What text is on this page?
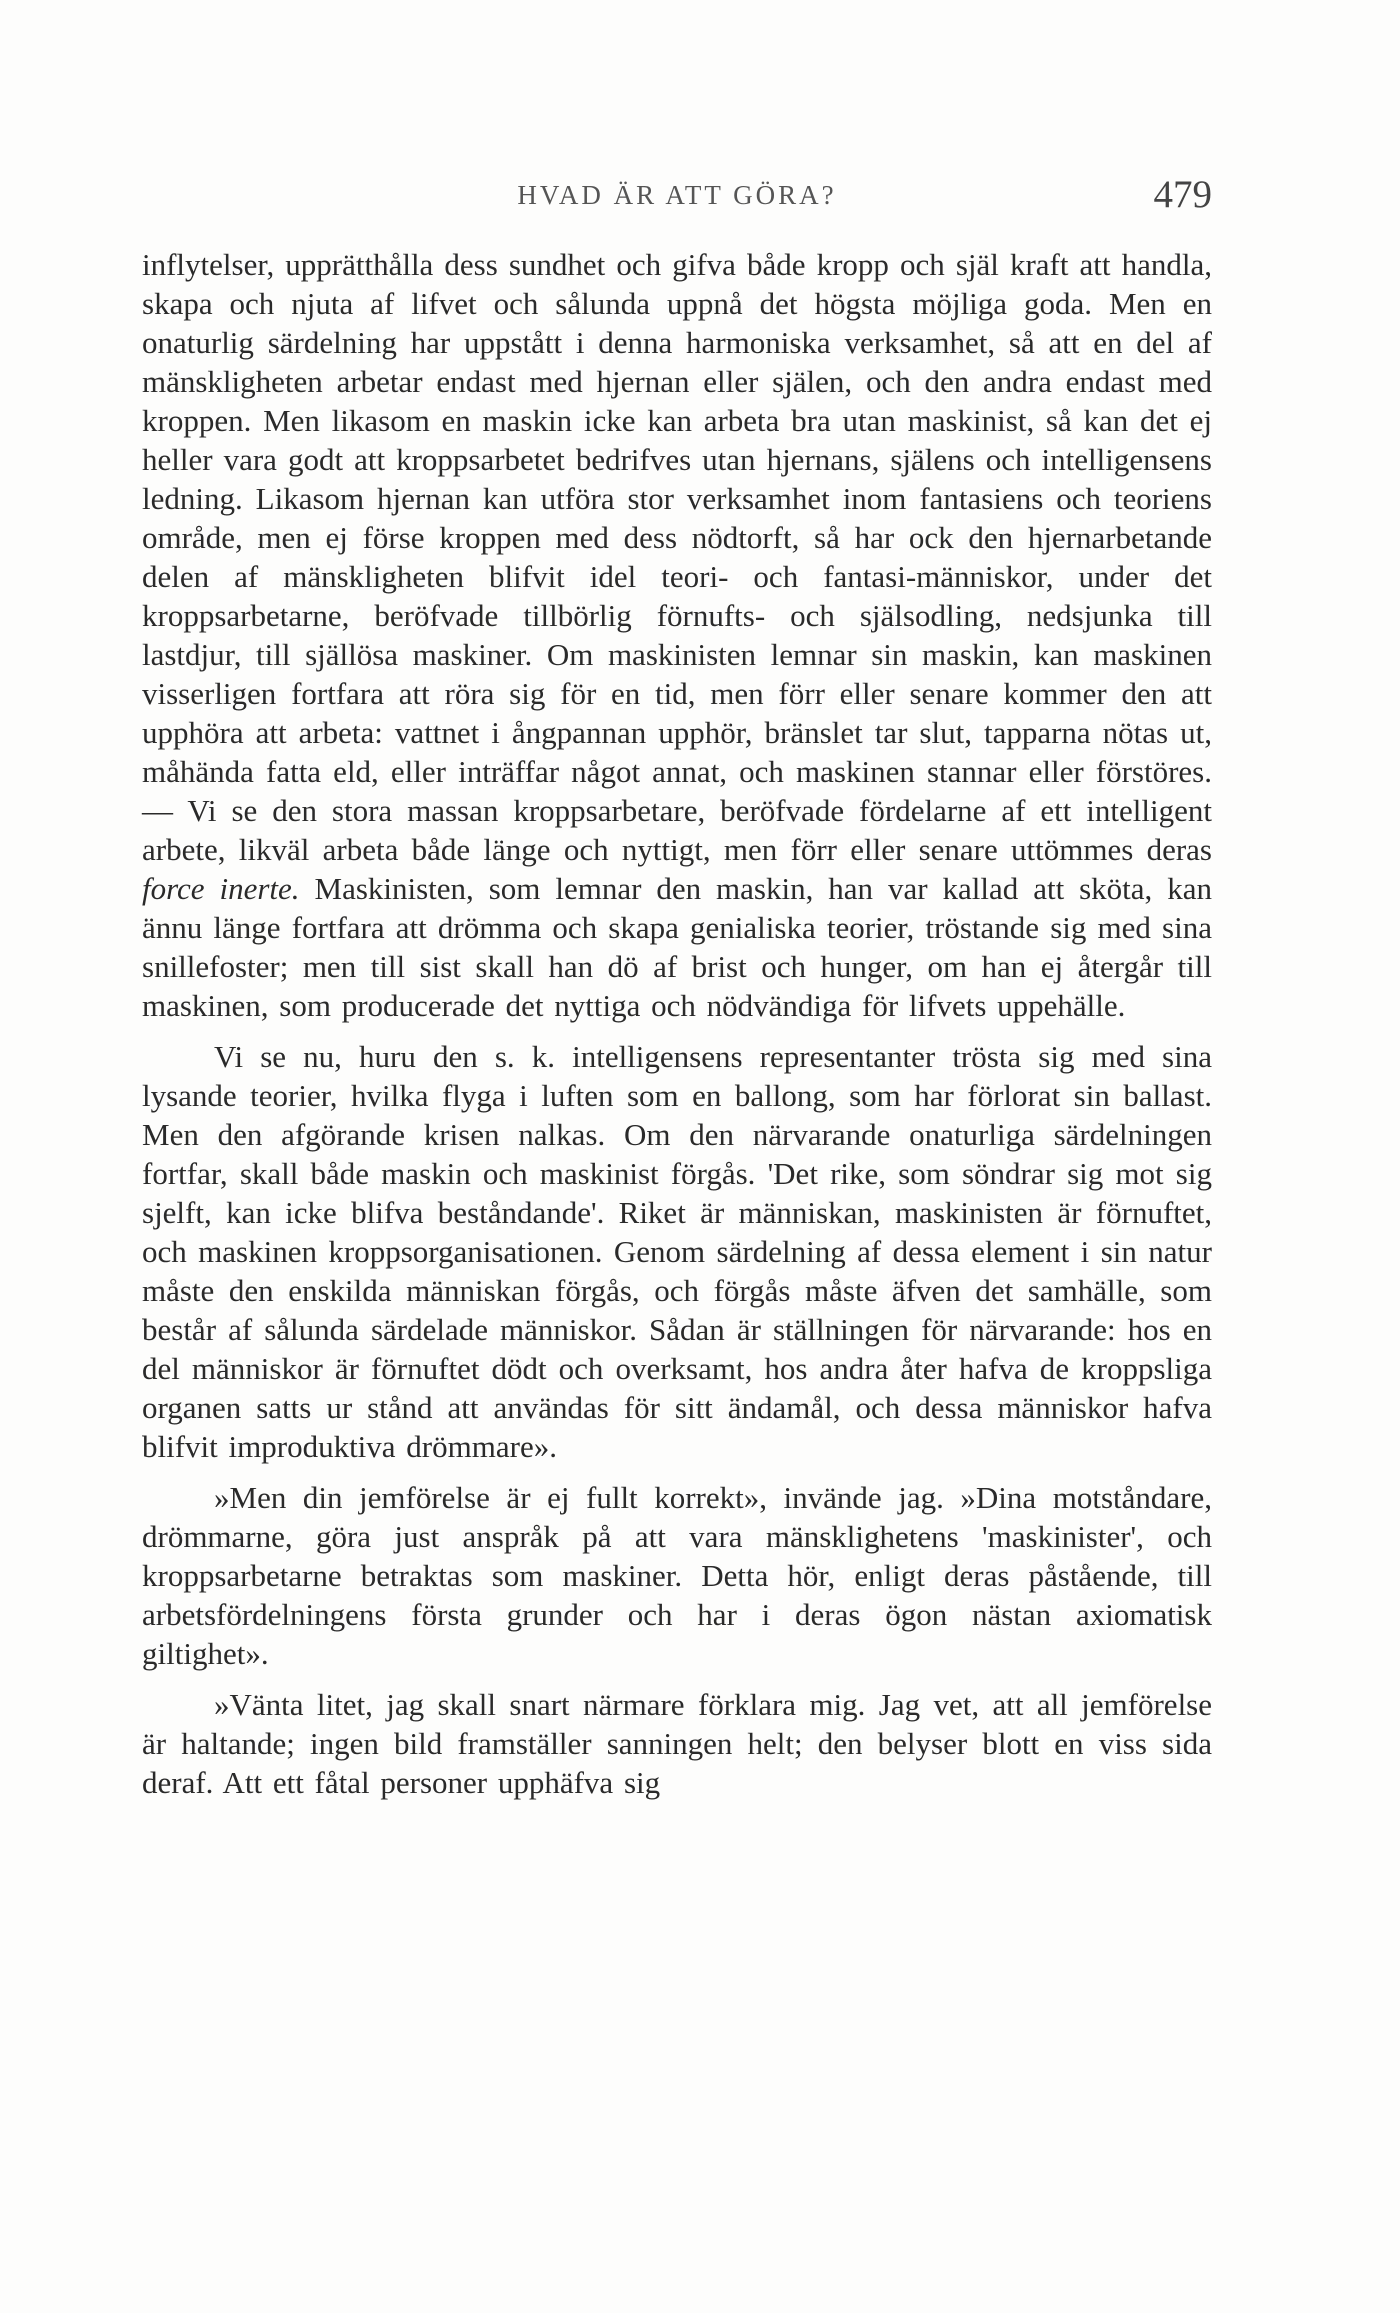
HVAD ÄR ATT GÖRA?	479

inflytelser, upprätthålla dess sundhet och gifva både kropp och själ kraft att handla, skapa och njuta af lifvet och sålunda uppnå det högsta möjliga goda. Men en onaturlig särdelning har uppstått i denna harmoniska verksamhet, så att en del af mänskligheten arbetar endast med hjernan eller själen, och den andra endast med kroppen. Men likasom en maskin icke kan arbeta bra utan maskinist, så kan det ej heller vara godt att kroppsarbetet bedrifves utan hjernans, själens och intelligensens ledning. Likasom hjernan kan utföra stor verksamhet inom fantasiens och teoriens område, men ej förse kroppen med dess nödtorft, så har ock den hjernarbetande delen af mänskligheten blifvit idel teori- och fantasi-människor, under det kroppsarbetarne, beröfvade tillbörlig förnufts- och själsodling, nedsjunka till lastdjur, till själlösa maskiner. Om maskinisten lemnar sin maskin, kan maskinen visserligen fortfara att röra sig för en tid, men förr eller senare kommer den att upphöra att arbeta: vattnet i ångpannan upphör, bränslet tar slut, tapparna nötas ut, måhända fatta eld, eller inträffar något annat, och maskinen stannar eller förstöres. — Vi se den stora massan kroppsarbetare, beröfvade fördelarne af ett intelligent arbete, likväl arbeta både länge och nyttigt, men förr eller senare uttömmes deras force inerte. Maskinisten, som lemnar den maskin, han var kallad att sköta, kan ännu länge fortfara att drömma och skapa genialiska teorier, tröstande sig med sina snillefoster; men till sist skall han dö af brist och hunger, om han ej återgår till maskinen, som producerade det nyttiga och nödvändiga för lifvets uppehälle.

Vi se nu, huru den s. k. intelligensens representanter trösta sig med sina lysande teorier, hvilka flyga i luften som en ballong, som har förlorat sin ballast. Men den afgörande krisen nalkas. Om den närvarande onaturliga särdelningen fortfar, skall både maskin och maskinist förgås. 'Det rike, som söndrar sig mot sig sjelft, kan icke blifva beståndande'. Riket är människan, maskinisten är förnuftet, och maskinen kroppsorganisationen. Genom särdelning af dessa element i sin natur måste den enskilda människan förgås, och förgås måste äfven det samhälle, som består af sålunda särdelade människor. Sådan är ställningen för närvarande: hos en del människor är förnuftet dödt och overksamt, hos andra åter hafva de kroppsliga organen satts ur stånd att användas för sitt ändamål, och dessa människor hafva blifvit improduktiva drömmare».

»Men din jemförelse är ej fullt korrekt», invände jag. »Dina motståndare, drömmarne, göra just anspråk på att vara mänsklighetens 'maskinister', och kroppsarbetarne betraktas som maskiner. Detta hör, enligt deras påstående, till arbetsfördelningens första grunder och har i deras ögon nästan axiomatisk giltighet».

»Vänta litet, jag skall snart närmare förklara mig. Jag vet, att all jemförelse är haltande; ingen bild framställer sanningen helt; den belyser blott en viss sida deraf. Att ett fåtal personer upphäfva sig
